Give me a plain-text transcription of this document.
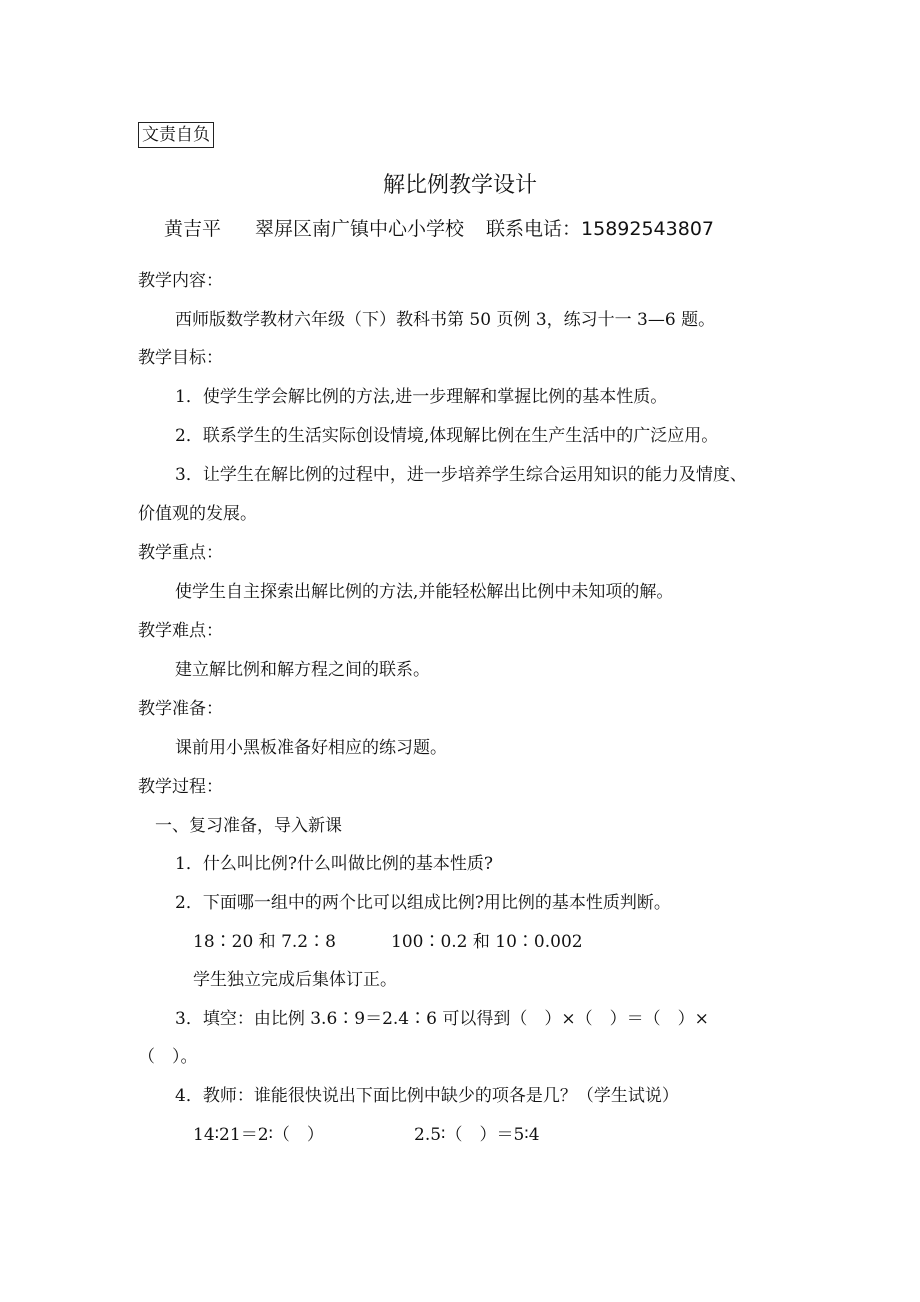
文责自负
解比例教学设计
黄吉平 翠屏区南广镇中心小学校 联系电话：15892543807
教学内容：
西师版数学教材六年级（下）教科书第 50 页例 3，练习十一 3—6 题。
教学目标：
1．使学生学会解比例的方法,进一步理解和掌握比例的基本性质。
2．联系学生的生活实际创设情境,体现解比例在生产生活中的广泛应用。
3．让学生在解比例的过程中，进一步培养学生综合运用知识的能力及情度、
价值观的发展。
教学重点：
使学生自主探索出解比例的方法,并能轻松解出比例中未知项的解。
教学难点：
建立解比例和解方程之间的联系。
教学准备：
课前用小黑板准备好相应的练习题。
教学过程：
一、复习准备，导入新课
1．什么叫比例?什么叫做比例的基本性质?
2．下面哪一组中的两个比可以组成比例?用比例的基本性质判断。
18∶20 和 7.2∶8	100∶0.2 和 10∶0.002
学生独立完成后集体订正。
3．填空：由比例 3.6∶9＝2.4∶6 可以得到（　）×（　）＝（　）×
（　）。
4．教师：谁能很快说出下面比例中缺少的项各是几？（学生试说）
14∶21＝2∶（　）	2.5∶（　）＝5∶4
